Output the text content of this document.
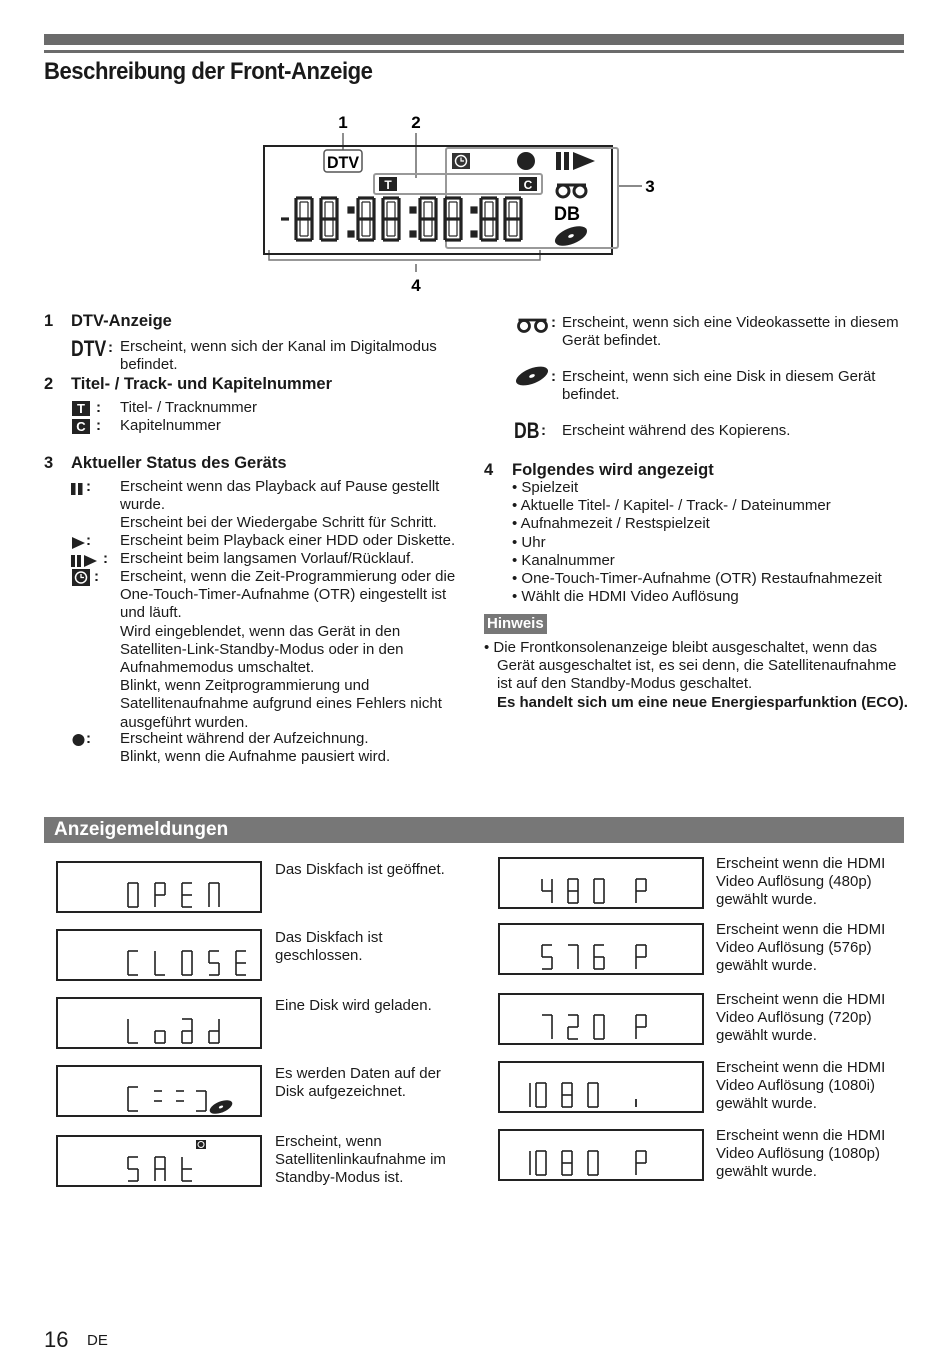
Beschreibung der Front-Anzeige
1	2
3
4
DTV
T	C
DB
1 DTV-Anzeige
DTV : Erscheint, wenn sich der Kanal im Digitalmodus
befindet.
2 Titel- / Track- und Kapitelnummer
T : Titel- / Tracknummer
C : Kapitelnummer
3 Aktueller Status des Geräts
: Erscheint wenn das Playback auf Pause gestellt
wurde.
Erscheint bei der Wiedergabe Schritt für Schritt.
: Erscheint beim Playback einer HDD oder Diskette.
: Erscheint beim langsamen Vorlauf/Rücklauf.
: Erscheint, wenn die Zeit-Programmierung oder die
One-Touch-Timer-Aufnahme (OTR) eingestellt ist
und läuft.
Wird eingeblendet, wenn das Gerät in den
Satelliten-Link-Standby-Modus oder in den
Aufnahmemodus umschaltet.
Blinkt, wenn Zeitprogrammierung und
Satellitenaufnahme aufgrund eines Fehlers nicht
ausgeführt wurden.
: Erscheint während der Aufzeichnung.
Blinkt, wenn die Aufnahme pausiert wird.
: Erscheint, wenn sich eine Videokassette in diesem
Gerät befindet.
: Erscheint, wenn sich eine Disk in diesem Gerät
befindet.
DB : Erscheint während des Kopierens.
4 Folgendes wird angezeigt
• Spielzeit
• Aktuelle Titel- / Kapitel- / Track- / Dateinummer
• Aufnahmezeit / Restspielzeit
• Uhr
• Kanalnummer
• One-Touch-Timer-Aufnahme (OTR) Restaufnahmezeit
• Wählt die HDMI Video Auflösung
Hinweis
• Die Frontkonsolenanzeige bleibt ausgeschaltet, wenn das
Gerät ausgeschaltet ist, es sei denn, die Satellitenaufnahme
ist auf den Standby-Modus geschaltet.
Es handelt sich um eine neue Energiesparfunktion (ECO).
Anzeigemeldungen
Das Diskfach ist geöffnet.
Das Diskfach ist
geschlossen.
Eine Disk wird geladen.
Es werden Daten auf der
Disk aufgezeichnet.
Erscheint, wenn
Satellitenlinkaufnahme im
Standby-Modus ist.
Erscheint wenn die HDMI
Video Auflösung (480p)
gewählt wurde.
Erscheint wenn die HDMI
Video Auflösung (576p)
gewählt wurde.
Erscheint wenn die HDMI
Video Auflösung (720p)
gewählt wurde.
Erscheint wenn die HDMI
Video Auflösung (1080i)
gewählt wurde.
Erscheint wenn die HDMI
Video Auflösung (1080p)
gewählt wurde.
16 DE
